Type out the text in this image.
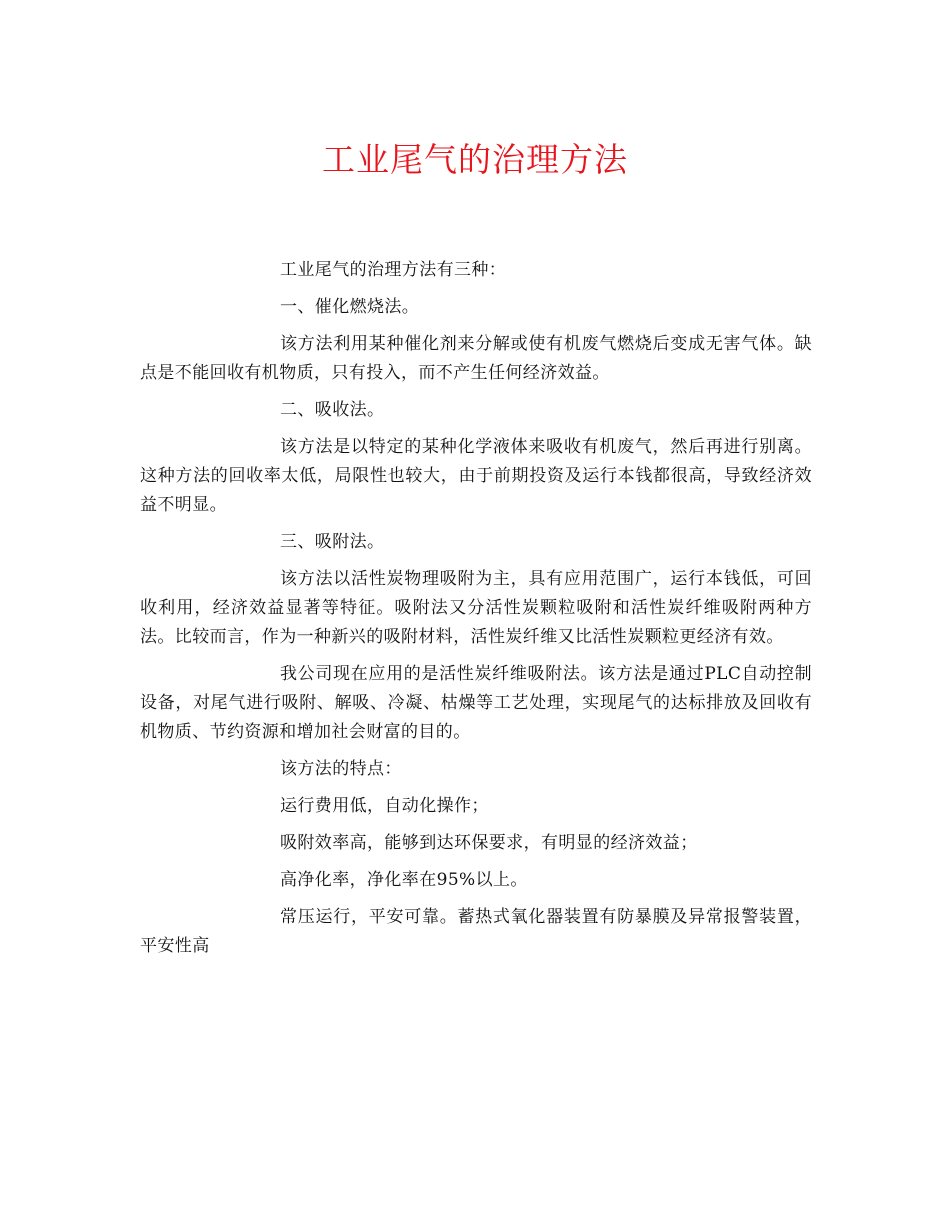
工业尾气的治理方法

工业尾气的治理方法有三种：

一、催化燃烧法。

该方法利用某种催化剂来分解或使有机废气燃烧后变成无害气体。缺点是不能回收有机物质，只有投入，而不产生任何经济效益。

二、吸收法。

该方法是以特定的某种化学液体来吸收有机废气，然后再进行别离。这种方法的回收率太低，局限性也较大，由于前期投资及运行本钱都很高，导致经济效益不明显。

三、吸附法。

该方法以活性炭物理吸附为主，具有应用范围广，运行本钱低，可回收利用，经济效益显著等特征。吸附法又分活性炭颗粒吸附和活性炭纤维吸附两种方法。比较而言，作为一种新兴的吸附材料，活性炭纤维又比活性炭颗粒更经济有效。

我公司现在应用的是活性炭纤维吸附法。该方法是通过PLC自动控制设备，对尾气进行吸附、解吸、冷凝、枯燥等工艺处理，实现尾气的达标排放及回收有机物质、节约资源和增加社会财富的目的。

该方法的特点：

运行费用低，自动化操作；

吸附效率高，能够到达环保要求，有明显的经济效益；

高净化率，净化率在95%以上。

常压运行，平安可靠。蓄热式氧化器装置有防暴膜及异常报警装置，平安性高
